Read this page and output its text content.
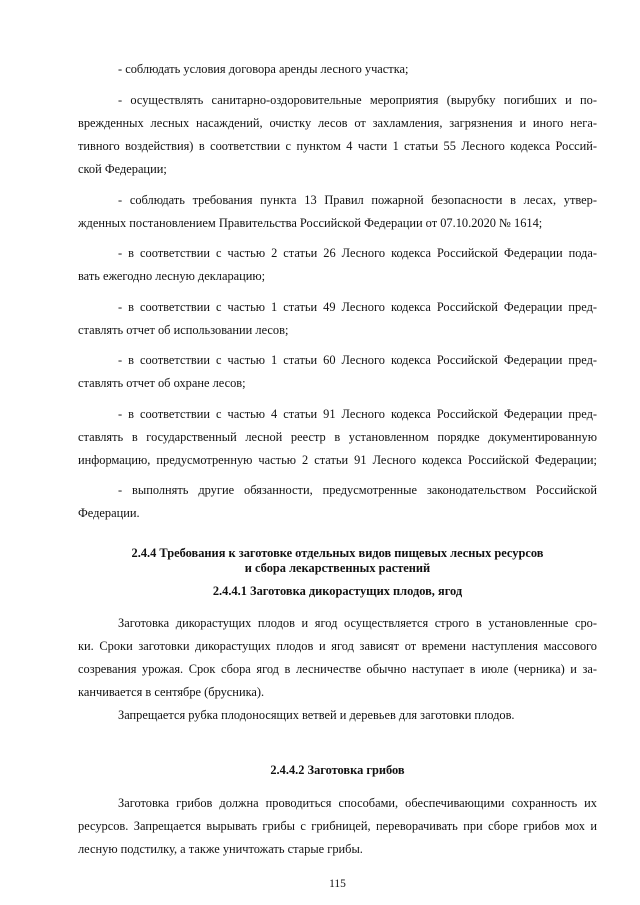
- соблюдать условия договора аренды лесного участка;
- осуществлять санитарно-оздоровительные мероприятия (вырубку погибших и по-
врежденных лесных насаждений, очистку лесов от захламления, загрязнения и иного нега-
тивного воздействия) в соответствии с пунктом 4 части 1 статьи 55 Лесного кодекса Россий-
ской Федерации;
- соблюдать требования пункта 13 Правил пожарной безопасности в лесах, утвер-
жденных постановлением Правительства Российской Федерации от 07.10.2020 № 1614;
- в соответствии с частью 2 статьи 26 Лесного кодекса Российской Федерации пода-
вать ежегодно лесную декларацию;
- в соответствии с частью 1 статьи 49 Лесного кодекса Российской Федерации пред-
ставлять отчет об использовании лесов;
- в соответствии с частью 1 статьи 60 Лесного кодекса Российской Федерации пред-
ставлять отчет об охране лесов;
- в соответствии с частью 4 статьи 91 Лесного кодекса Российской Федерации пред-
ставлять в государственный лесной реестр в установленном порядке документированную
информацию, предусмотренную частью 2 статьи 91 Лесного кодекса Российской Федерации;
- выполнять другие обязанности, предусмотренные законодательством Российской
Федерации.
2.4.4 Требования к заготовке отдельных видов пищевых лесных ресурсов
и сбора лекарственных растений
2.4.4.1 Заготовка дикорастущих плодов, ягод
Заготовка дикорастущих плодов и ягод осуществляется строго в установленные сро-
ки. Сроки заготовки дикорастущих плодов и ягод зависят от времени наступления массового
созревания урожая. Срок сбора ягод в лесничестве обычно наступает в июле (черника) и за-
канчивается в сентябре (брусника).
Запрещается рубка плодоносящих ветвей и деревьев для заготовки плодов.
2.4.4.2 Заготовка грибов
Заготовка грибов должна проводиться способами, обеспечивающими сохранность их
ресурсов. Запрещается вырывать грибы с грибницей, переворачивать при сборе грибов мох и
лесную подстилку, а также уничтожать старые грибы.
115
